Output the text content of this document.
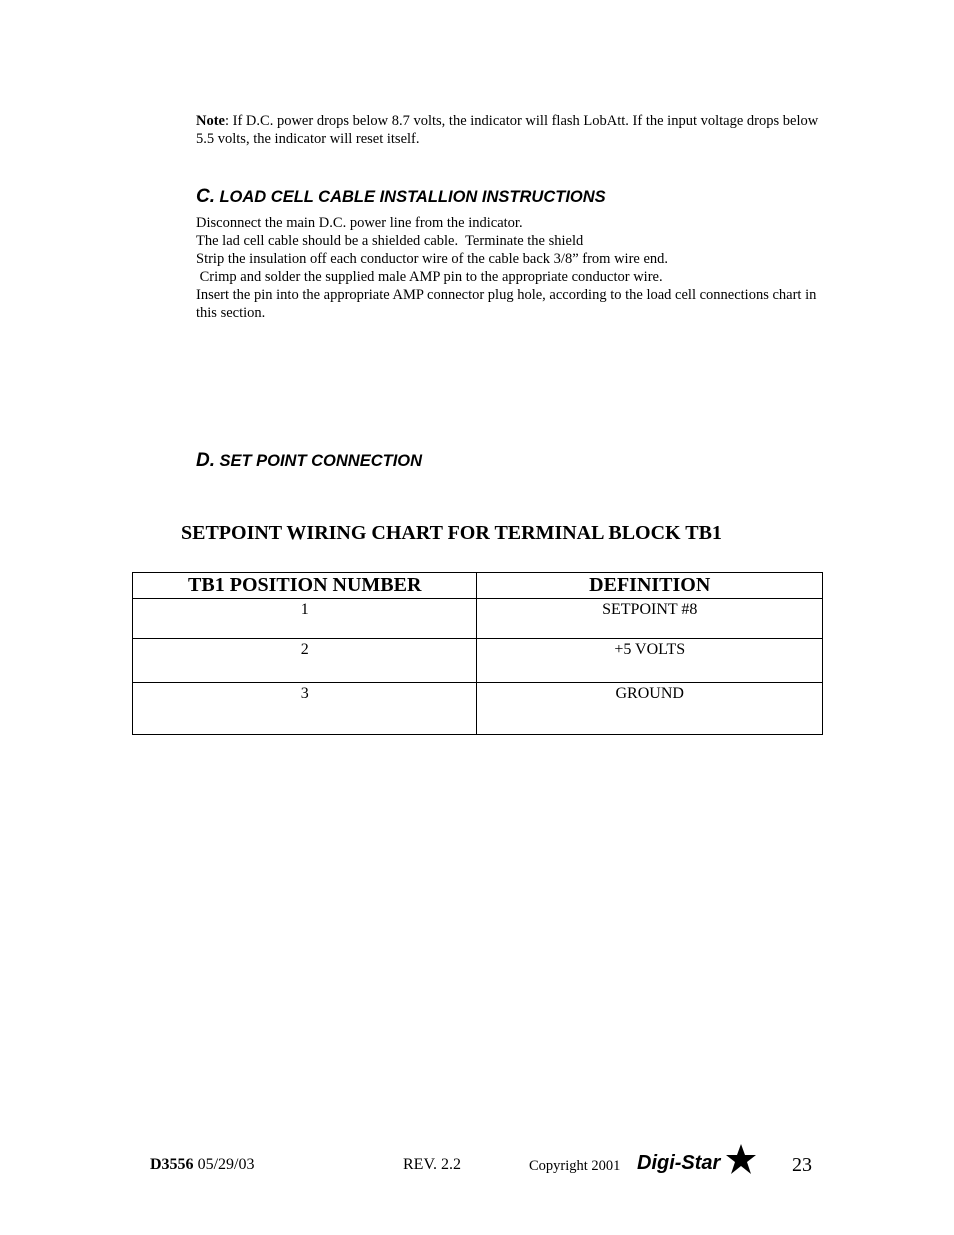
Note: If D.C. power drops below 8.7 volts, the indicator will flash LobAtt. If the input voltage drops below 5.5 volts, the indicator will reset itself.
C. LOAD CELL CABLE INSTALLION INSTRUCTIONS
Disconnect the main D.C. power line from the indicator.
The lad cell cable should be a shielded cable.  Terminate the shield
Strip the insulation off each conductor wire of the cable back 3/8” from wire end.
Crimp and solder the supplied male AMP pin to the appropriate conductor wire.
Insert the pin into the appropriate AMP connector plug hole, according to the load cell connections chart in this section.
D. SET POINT CONNECTION
SETPOINT WIRING CHART FOR TERMINAL BLOCK TB1
TB1 POSITION NUMBER	DEFINITION
1	SETPOINT #8
2	+5 VOLTS
3	GROUND
D3556 05/29/03	REV. 2.2	Copyright 2001 Digi-Star	23
